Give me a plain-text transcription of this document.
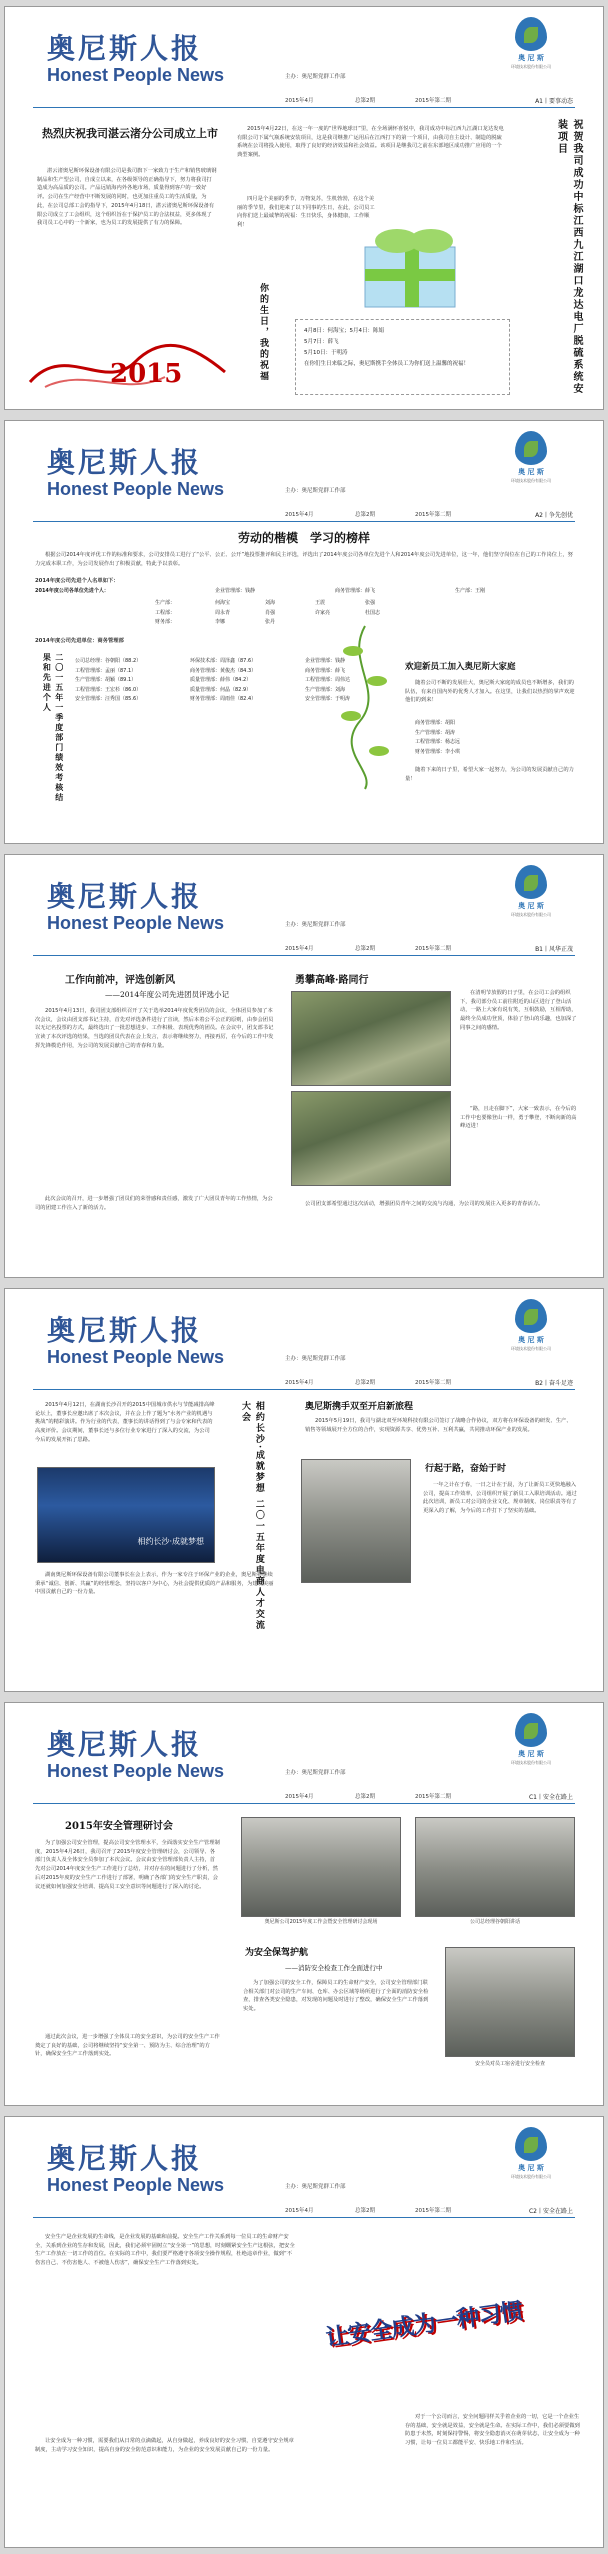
奥尼斯人报
Honest People News	主办：奥尼斯党群工作部
2015年4月	总第2期	2015年第二期
奥 尼 斯
环境技术股份有限公司
A1丨要事动态
热烈庆祝我司湛云渚分公司成立上市
湛云渚奥尼斯环保设备有限公司是我司旗下一家致力于生产和销售玻璃钢制品和生产型公司，自成立以来，在各级领导的正确指导下，努力将我司打造成为高品质的公司。产品远销海内外各地市场，质量得到客户的一致好评。公司在生产经营中不断发展的同时，也更加注重员工的生活质量，为此，在公司总部工会的指导下，2015年4月18日，湛云渚奥尼斯环保设备有限公司成立了工会组织，这个组织旨在于保护员工的合法权益，更多体现了我司员工心中的一个新家，也为员工的发展提供了有力的保障。
2015
2015年4月22日，在这一年一度的“世界地球日”里，在全场满怀喜悦中，我司成功中标江西九江湖口龙达发电有限公司下属气瓶系统安装项目，这是我司继推广运用后在江西打下的第一个项目，由我司自主设计、制造的脱硫系统在公司将投入使用，取得了良好的经济效益和社会效益。该项目是继我司之前在东部地区成功推广应用的一个典型案例。
四月是个美丽的季节，万物复苏，生机勃勃，在这个美丽的季节里，我们迎来了以下同事的生日，在此，公司员工向你们送上最诚挚的祝福：生日快乐，身体健康，工作顺利！
你的生日，我的祝福	4月8日：何海宝；5月4日：陈娟
5月7日：薛飞
5月10日：于明涛
在你们生日来临之际，奥尼斯携手全体员工为你们送上温馨的祝福！	祝贺我司成功中标江西九江湖口龙达电厂脱硫系统安装项目
奥尼斯人报
Honest People News	主办：奥尼斯党群工作部
2015年4月	总第2期	2015年第二期
奥 尼 斯
环境技术股份有限公司
A2丨争先创优
劳动的楷模　学习的榜样
根据公司2014年度评优工作的标准和要求，公司安排员工进行了“公平、公正、公开”地投票推评和民主评选，评选出了2014年度公司各单位先进个人和2014年度公司先进单位，这一年，他们坚守岗位在自己的工作岗位上，努力完成本职工作，为公司发展作出了积极贡献，特此予以表彰。
2014年度公司先进个人名单如下：
2014年度公司各单位先进个人：	企业管理部：钱静	商务管理部：薛飞	生产部：王刚
生产部：	何海宝	刘海	王震	张强
工程部：	周永青	肖强	许家亮	杜国志
财务部：	李娜	张丹
2014年度公司先进单位：商务管理部
二〇一五年一季度部门绩效考核结果和先进个人	公司总经理：谷朝阳（88.2）	环保技术部：周泽鑫（87.6）	企业管理部：钱静
工程管理部：孟丽（87.1）	商务管理部：黄俊杰（84.3）	商务管理部：薛飞
生产管理部：胡颖（89.1）	质量管理部：薛伟（84.2）	工程管理部：周伟达
工程管理部：王宏杉（86.0）	质量管理部：何晶（82.9）	生产管理部：刘海
安全管理部：汪秀国（85.6）	财务管理部：周雨佳（82.4）	安全管理部：于明涛
欢迎新员工加入奥尼斯大家庭
随着公司不断的发展壮大，奥尼斯大家庭的成员也不断增多，我们的队伍，有来自国内外的优秀人才加入。在这里，让我们以热烈的掌声欢迎他们的到来！
商务管理部：胡阳
生产管理部：胡涛
工程管理部：杨志远
财务管理部：李小琪
随着下来的日子里，希望大家一起努力，为公司的发展贡献自己的力量！
奥尼斯人报
Honest People News	主办：奥尼斯党群工作部
2015年4月	总第2期	2015年第二期
奥 尼 斯
环境技术股份有限公司
B1丨风华正茂
工作向前冲，评选创新风
——2014年度公司先进团员评选小记
2015年4月13日，我司团支部组织召开了关于选举2014年度优秀团员的会议，全体团员参加了本次会议，会议由团支部书记主持，首先对评选条件进行了宣读，然后本着公平公正的原则，由参会团员以无记名投票的方式，最终选出了一批思想进步、工作积极、表现优秀的团员。在会议中，团支部书记宣读了本次评选的结果，当选的团员代表在会上发言，表示将继续努力，再接再厉，在今后的工作中发挥先锋模范作用，为公司的发展贡献自己的青春和力量。
此次会议的召开，进一步增强了团员们的荣誉感和责任感，激发了广大团员青年的工作热情，为公司的团建工作注入了新的活力。
勇攀高峰·路同行
在清明节放假的日子里，在公司工会的组织下，我司部分员工前往附近的山区进行了登山活动，一路上大家有说有笑，互相鼓励，互相帮助，最终全员成功登顶，体验了登山的乐趣，也加深了同事之间的感情。
“路，且走在脚下”，大家一致表示，在今后的工作中也要像登山一样，勇于攀登，不断向新的高峰迈进！
公司团支部希望通过这次活动，增强团员青年之间的交流与沟通，为公司的发展注入更多的青春活力。
奥尼斯人报
Honest People News	主办：奥尼斯党群工作部
2015年4月	总第2期	2015年第二期
奥 尼 斯
环境技术股份有限公司
B2丨奋斗足迹
2015年4月12日，在湖南长沙召开的2015中国城市供水与节能减排高峰论坛上，董事长应邀出席了本次会议，并在会上作了题为“水务产业的机遇与挑战”的精彩演讲。作为行业的代表，董事长的讲话得到了与会专家和代表的高度评价。会议期间，董事长还与多位行业专家进行了深入的交流，为公司今后的发展开拓了思路。
相约长沙·成就梦想	相约长沙·成就梦想 二〇一五年度电商人才交流大会
湖南奥尼斯环保设备有限公司董事长在会上表示，作为一家专注于环保产业的企业，奥尼斯将继续秉承“诚信、创新、共赢”的经营理念，坚持以客户为中心，为社会提供优质的产品和服务，为建设美丽中国贡献自己的一份力量。
奥尼斯携手双至开启新旅程
2015年5月19日，我司与湖北双至环境科技有限公司签订了战略合作协议，双方将在环保设备的研发、生产、销售等领域展开全方位的合作，实现资源共享、优势互补、互利共赢，共同推动环保产业的发展。
行起于路，奋始于时
一年之计在于春，一日之计在于晨，为了让新员工更快地融入公司，提高工作效率，公司组织开展了新员工入职培训活动。通过此次培训，新员工对公司的企业文化、规章制度、岗位职责等有了更深入的了解，为今后的工作打下了坚实的基础。
奥尼斯人报
Honest People News	主办：奥尼斯党群工作部
2015年4月	总第2期	2015年第二期
奥 尼 斯
环境技术股份有限公司
C1丨安全在路上
2015年安全管理研讨会
为了加强公司安全管理，提高公司安全管理水平，全面落实安全生产管理制度，2015年4月26日，我司召开了2015年度安全管理研讨会，公司领导、各部门负责人及全体安全员参加了本次会议。会议由安全管理部负责人主持，首先对公司2014年度安全生产工作进行了总结，并对存在的问题进行了分析，然后对2015年度的安全生产工作进行了部署，明确了各部门的安全生产职责，会议还就如何加强安全培训、提高员工安全意识等问题进行了深入的讨论。
通过此次会议，进一步增强了全体员工的安全意识，为公司的安全生产工作奠定了良好的基础，公司将继续坚持“安全第一、预防为主、综合治理”的方针，确保安全生产工作落到实处。
奥尼斯公司2015年度工作会暨安全管理研讨会现场	公司总经理谷朝阳讲话
为安全保驾护航
——消防安全检查工作全面进行中
为了加强公司的安全工作，保障员工的生命财产安全，公司安全管理部门联合相关部门对公司的生产车间、仓库、办公区域等场所进行了全面的消防安全检查，排查各类安全隐患，对发现的问题及时进行了整改，确保安全生产工作落到实处。
安全员对员工宿舍进行安全检查
奥尼斯人报
Honest People News	主办：奥尼斯党群工作部
2015年4月	总第2期	2015年第二期
奥 尼 斯
环境技术股份有限公司
C2丨安全在路上
安全生产是企业发展的生命线，是企业发展的基础和前提。安全生产工作关系到每一位员工的生命财产安全，关系到企业的生存和发展，因此，我们必须牢固树立“安全第一”的思想，时刻绷紧安全生产这根弦，把安全生产工作放在一切工作的首位。在实际的工作中，我们要严格遵守各项安全操作规程，杜绝违章作业，做到“不伤害自己、不伤害他人、不被他人伤害”，确保安全生产工作落到实处。
让安全成为一种习惯，需要我们从日常的点滴做起，从自身做起，养成良好的安全习惯，自觉遵守安全规章制度，主动学习安全知识，提高自身的安全防范意识和能力，为企业的安全发展贡献自己的一份力量。
让安全成为一种习惯
对于一个公司而言，安全问题同样关乎着企业的一切，它是一个企业生存的基础，安全就是效益，安全就是生命。在实际工作中，我们必须要做到防患于未然，时刻保持警惕，将安全隐患消灭在萌芽状态，让安全成为一种习惯，让每一位员工都能平安、快乐地工作和生活。
